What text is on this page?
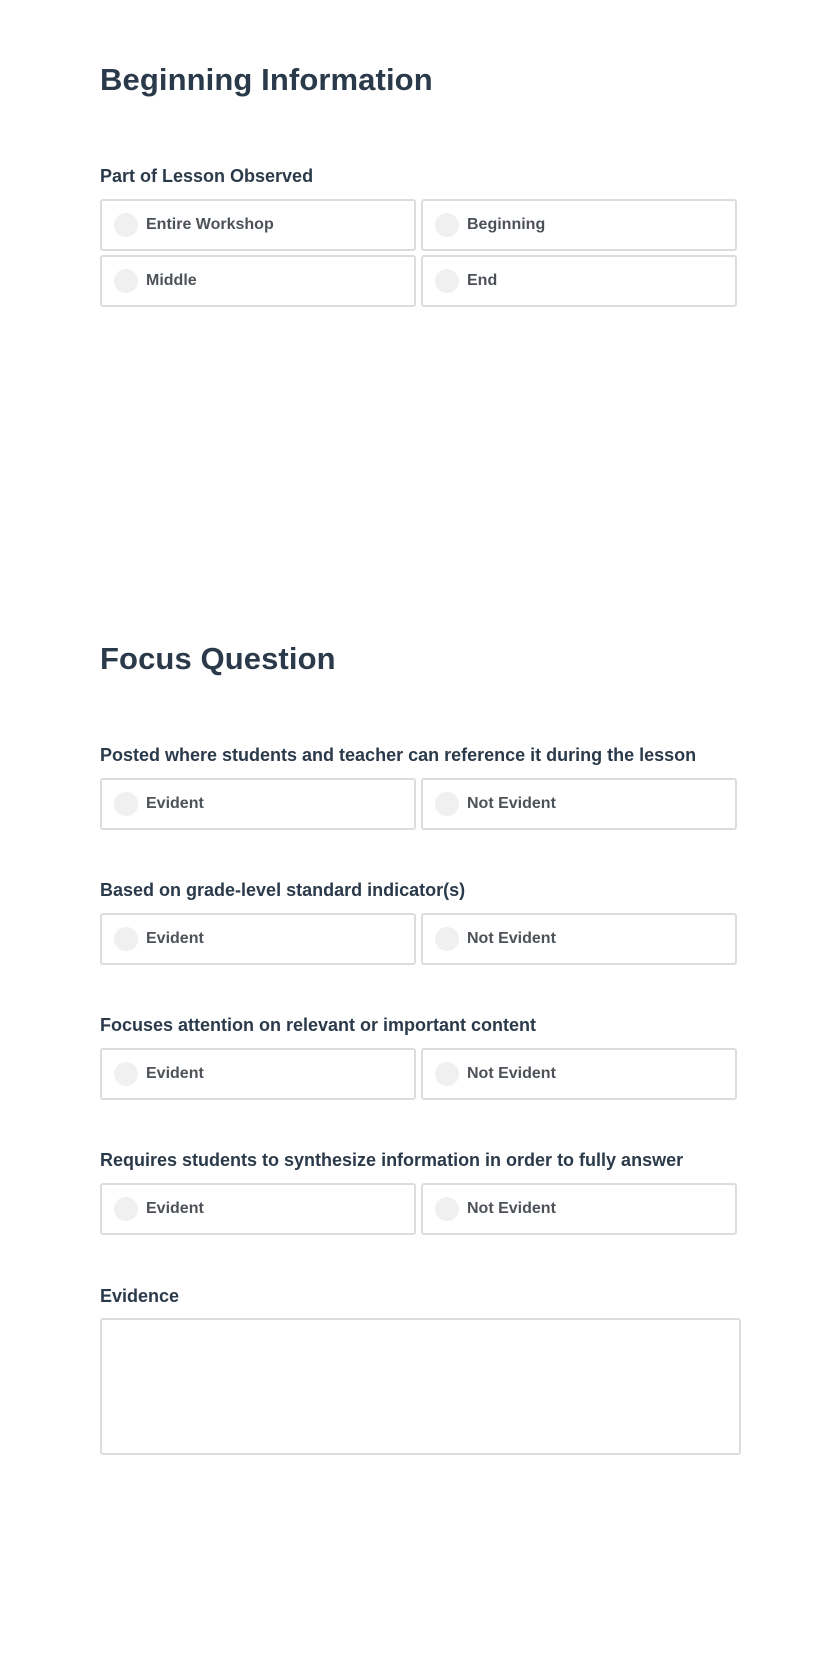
Beginning Information
Part of Lesson Observed
Entire Workshop	Beginning
Middle	End
Focus Question
Posted where students and teacher can reference it during the lesson
Evident	Not Evident
Based on grade-level standard indicator(s)
Evident	Not Evident
Focuses attention on relevant or important content
Evident	Not Evident
Requires students to synthesize information in order to fully answer
Evident	Not Evident
Evidence
